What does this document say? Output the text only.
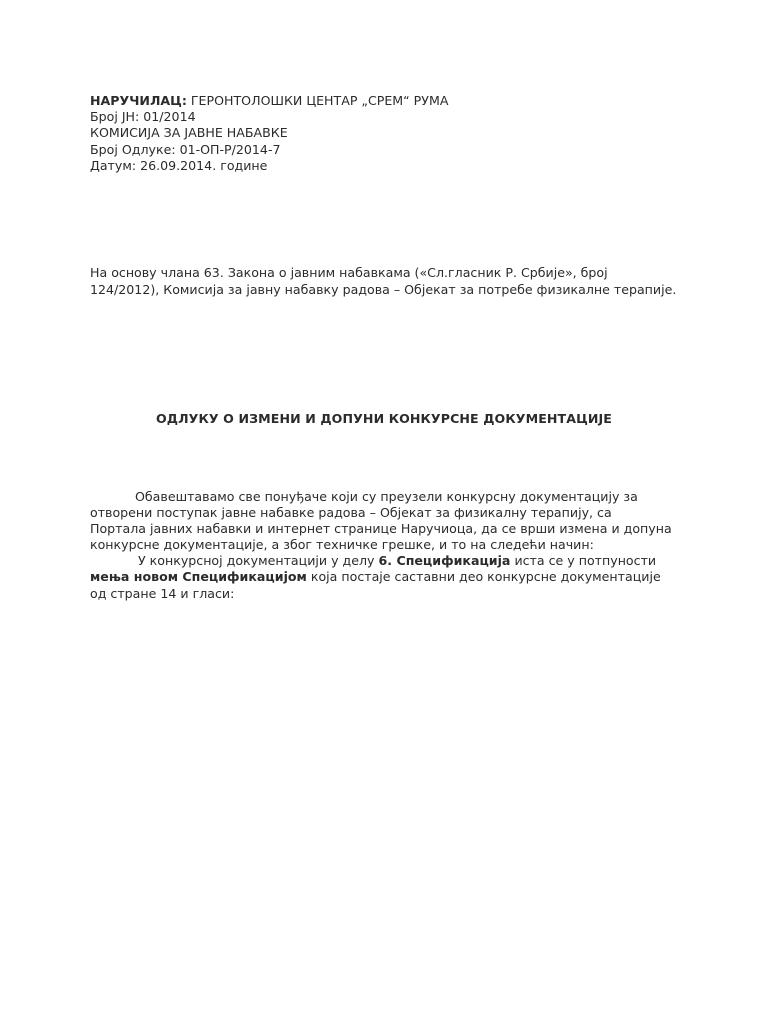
НАРУЧИЛАЦ: ГЕРОНТОЛОШКИ ЦЕНТАР „СРЕМ“ РУМА
Број ЈН: 01/2014
КОМИСИЈА ЗА ЈАВНЕ НАБАВКЕ
Број Одлуке: 01-ОП-Р/2014-7
Датум: 26.09.2014. године
На основу члана 63. Закона о јавним набавкама («Сл.гласник Р. Србије», број
124/2012), Комисија за јавну набавку радова – Објекат за потребе физикалне терапије.
ОДЛУКУ О ИЗМЕНИ И ДОПУНИ КОНКУРСНЕ ДОКУМЕНТАЦИЈЕ
Обавештавамо све понуђаче који су преузели конкурсну документацију за
отворени поступак јавне набавке радова – Објекат за физикалну терапију, са
Портала јавних набавки и интернет странице Наручиоца, да се врши измена и допуна
конкурсне документације, а због техничке грешке, и то на следећи начин:
У конкурсној документацији у делу 6. Спецификација иста се у потпуности
мења новом Спецификацијом која постаје саставни део конкурсне документације
од стране 14 и гласи:
